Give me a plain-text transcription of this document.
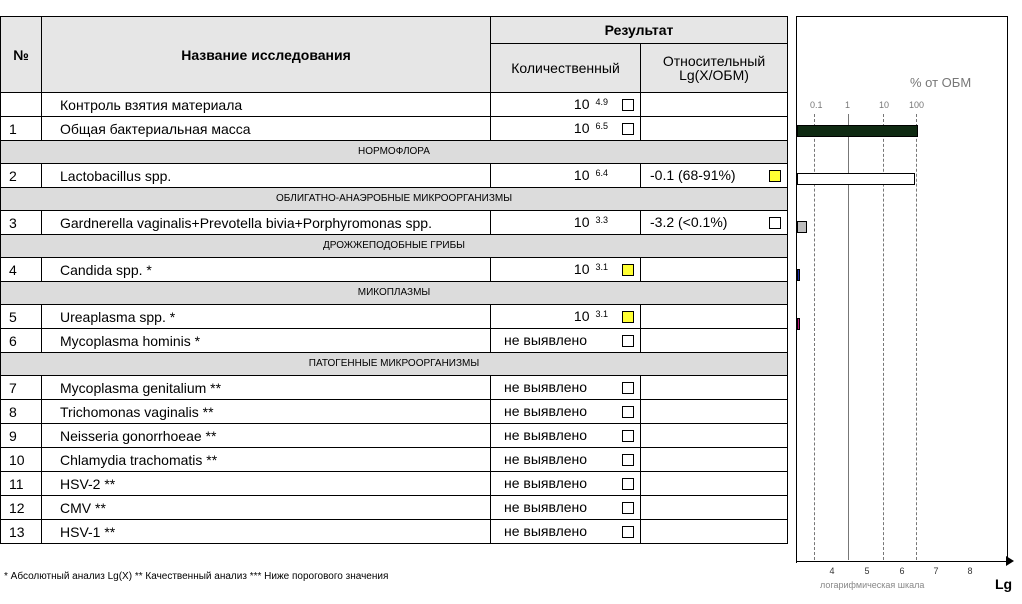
№	Название исследования	Результат	
		Количественный	Относительный
Lg(X/ОБМ)
	Контроль взятия материала	10 $^{4.9}$

1	Общая бактериальная масса	10 $^{6.5}$

НОРМОФЛОРА			
2	Lactobacillus spp.	10 $^{6.4}$	-0.1 (68-91%)

ОБЛИГАТНО-АНАЭРОБНЫЕ МИКРООРГАНИЗМЫ			
3	Gardnerella vaginalis+Prevotella bivia+Porphyromonas spp.	10 $^{3.3}$	-3.2 (<0.1%)

ДРОЖЖЕПОДОБНЫЕ ГРИБЫ			
4	Candida spp. *	10 $^{3.1}$

МИКОПЛАЗМЫ			
5	Ureaplasma spp. *	10 $^{3.1}$

6	Mycoplasma hominis *	не выявлено	

ПАТОГЕННЫЕ МИКРООРГАНИЗМЫ			
7	Mycoplasma genitalium **	не выявлено	

8	Trichomonas vaginalis **	не выявлено	

9	Neisseria gonorrhoeae **	не выявлено	

10	Chlamydia trachomatis **	не выявлено	

11	HSV-2 **	не выявлено	

12	CMV **	не выявлено	

13	HSV-1 **	не выявлено	

% от ОБМ
0.1 1	10 100
4	5	6	7	8
логарифмическая шкала	Lg
* Абсолютный анализ Lg(X) ** Качественный анализ *** Ниже порогового значения
